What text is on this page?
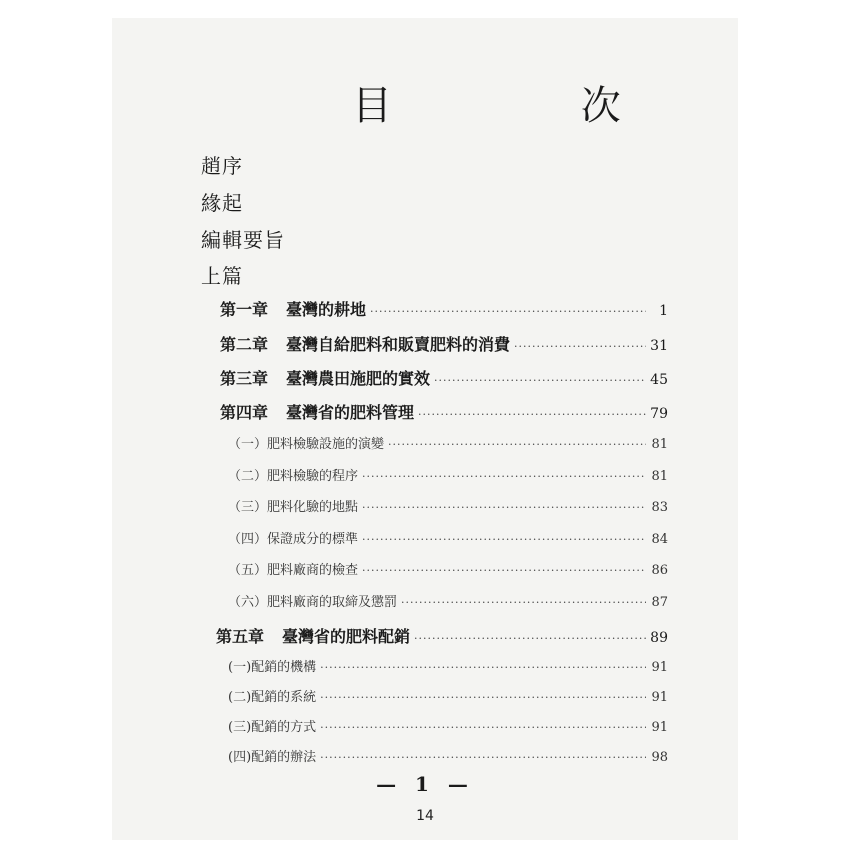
目 次
趙序
緣起
編輯要旨
上篇
第一章 臺灣的耕地 ·····	1
第二章 臺灣自給肥料和販賣肥料的消費 ·····	31
第三章 臺灣農田施肥的實效 ·····	45
第四章 臺灣省的肥料管理 ·····	79
（一） 肥料檢驗設施的演變 ·····	81
（二） 肥料檢驗的程序 ·····	81
（三） 肥料化驗的地點 ·····	83
（四） 保證成分的標準 ·····	84
（五） 肥料廠商的檢查 ·····	86
（六） 肥料廠商的取締及懲罰 ·····	87
第五章 臺灣省的肥料配銷 ·····	89
(一) 配銷的機構 ·····	91
(二) 配銷的系統 ·····	91
(三) 配銷的方式 ·····	91
(四) 配銷的辦法 ·····	98
— 1 —
14
